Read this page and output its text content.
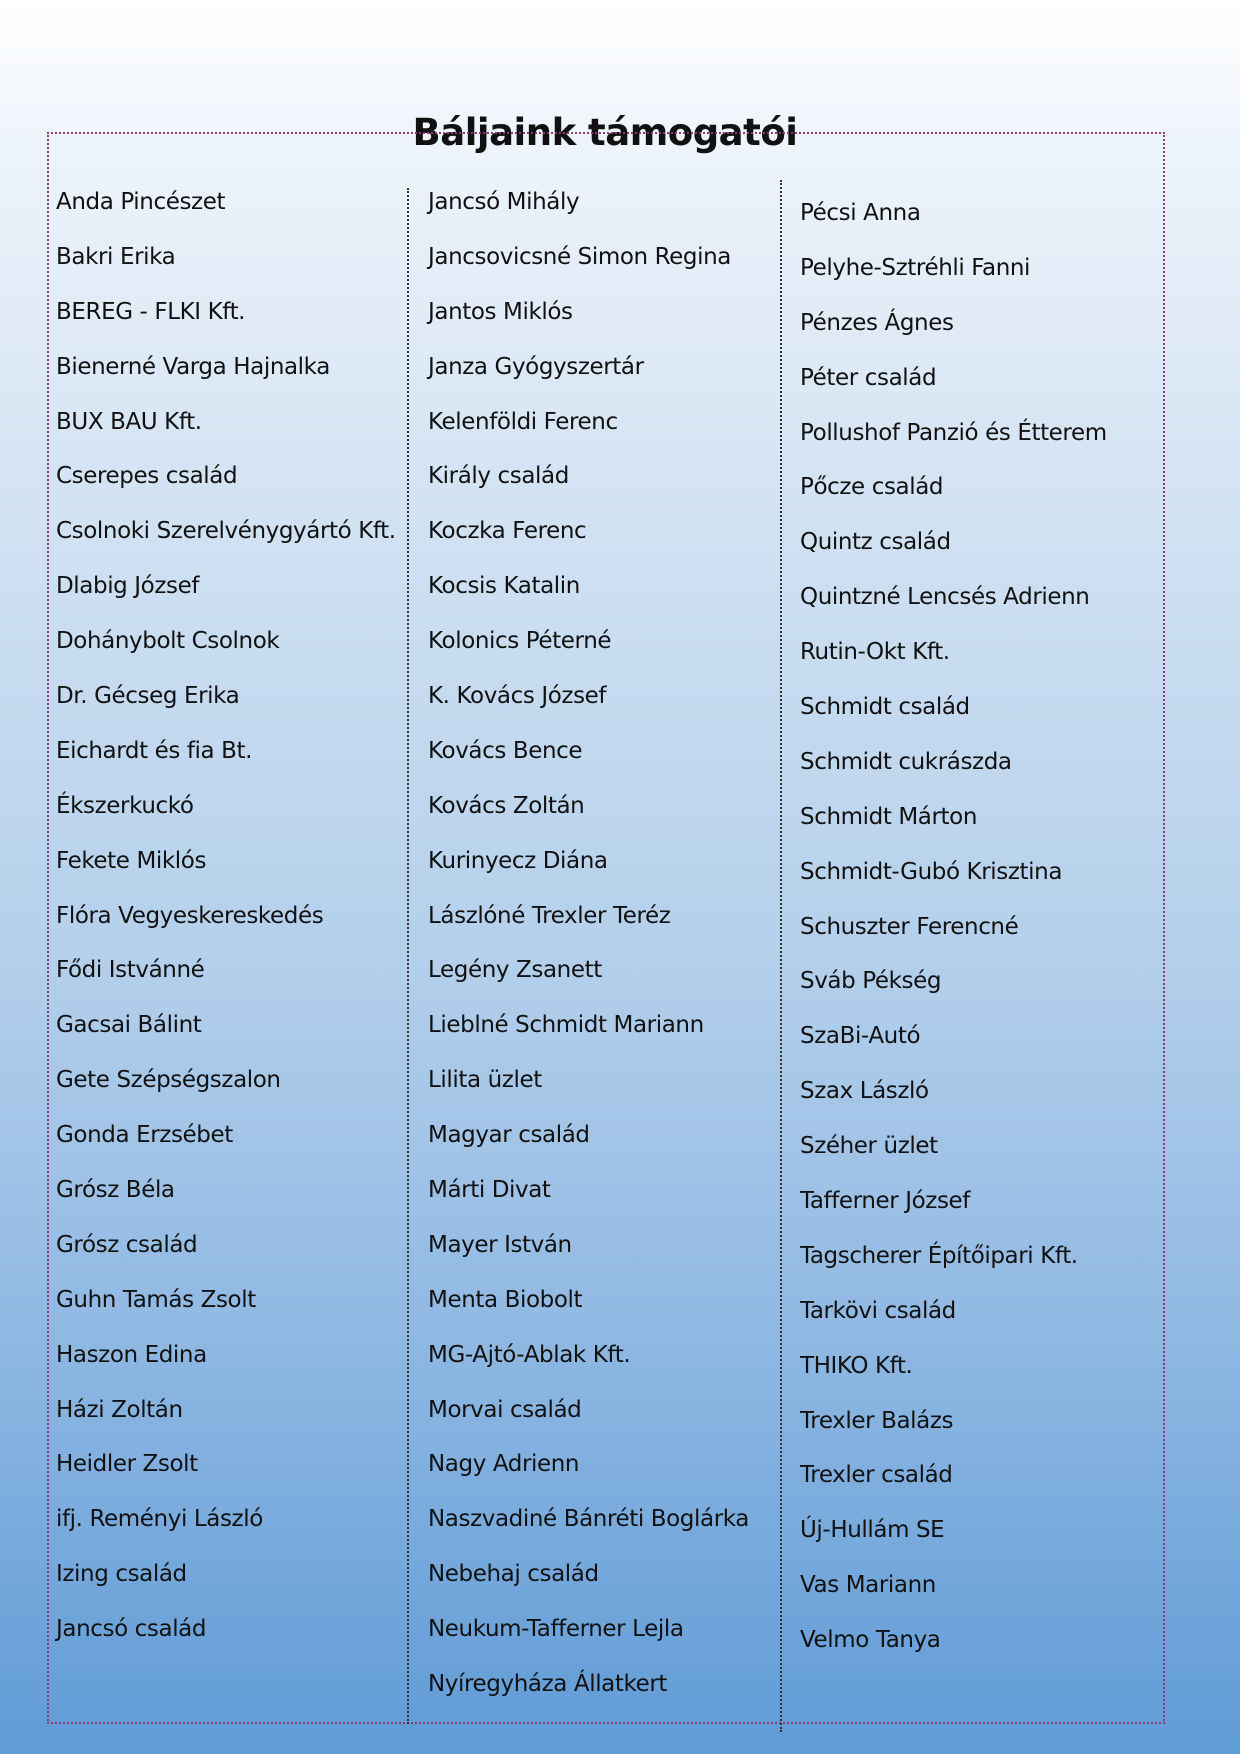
Báljaink támogatói
Anda Pincészet
Bakri Erika
BEREG - FLKI Kft.
Bienerné Varga Hajnalka
BUX BAU Kft.
Cserepes család
Csolnoki Szerelvénygyártó Kft.
Dlabig József
Dohánybolt Csolnok
Dr. Gécseg Erika
Eichardt és fia Bt.
Ékszerkuckó
Fekete Miklós
Flóra Vegyeskereskedés
Fődi Istvánné
Gacsai Bálint
Gete Szépségszalon
Gonda Erzsébet
Grósz Béla
Grósz család
Guhn Tamás Zsolt
Haszon Edina
Házi Zoltán
Heidler Zsolt
ifj. Reményi László
Izing család
Jancsó család
Jancsó Mihály
Jancsovicsné Simon Regina
Jantos Miklós
Janza Gyógyszertár
Kelenföldi Ferenc
Király család
Koczka Ferenc
Kocsis Katalin
Kolonics Péterné
K. Kovács József
Kovács Bence
Kovács Zoltán
Kurinyecz Diána
Lászlóné Trexler Teréz
Legény Zsanett
Lieblné Schmidt Mariann
Lilita üzlet
Magyar család
Márti Divat
Mayer István
Menta Biobolt
MG-Ajtó-Ablak Kft.
Morvai család
Nagy Adrienn
Naszvadiné Bánréti Boglárka
Nebehaj család
Neukum-Tafferner Lejla
Nyíregyháza Állatkert
Pécsi Anna
Pelyhe-Sztréhli Fanni
Pénzes Ágnes
Péter család
Pollushof Panzió és Étterem
Pőcze család
Quintz család
Quintzné Lencsés Adrienn
Rutin-Okt Kft.
Schmidt család
Schmidt cukrászda
Schmidt Márton
Schmidt-Gubó Krisztina
Schuszter Ferencné
Sváb Pékség
SzaBi-Autó
Szax László
Széher üzlet
Tafferner József
Tagscherer Építőipari Kft.
Tarkövi család
THIKO Kft.
Trexler Balázs
Trexler család
Új-Hullám SE
Vas Mariann
Velmo Tanya
